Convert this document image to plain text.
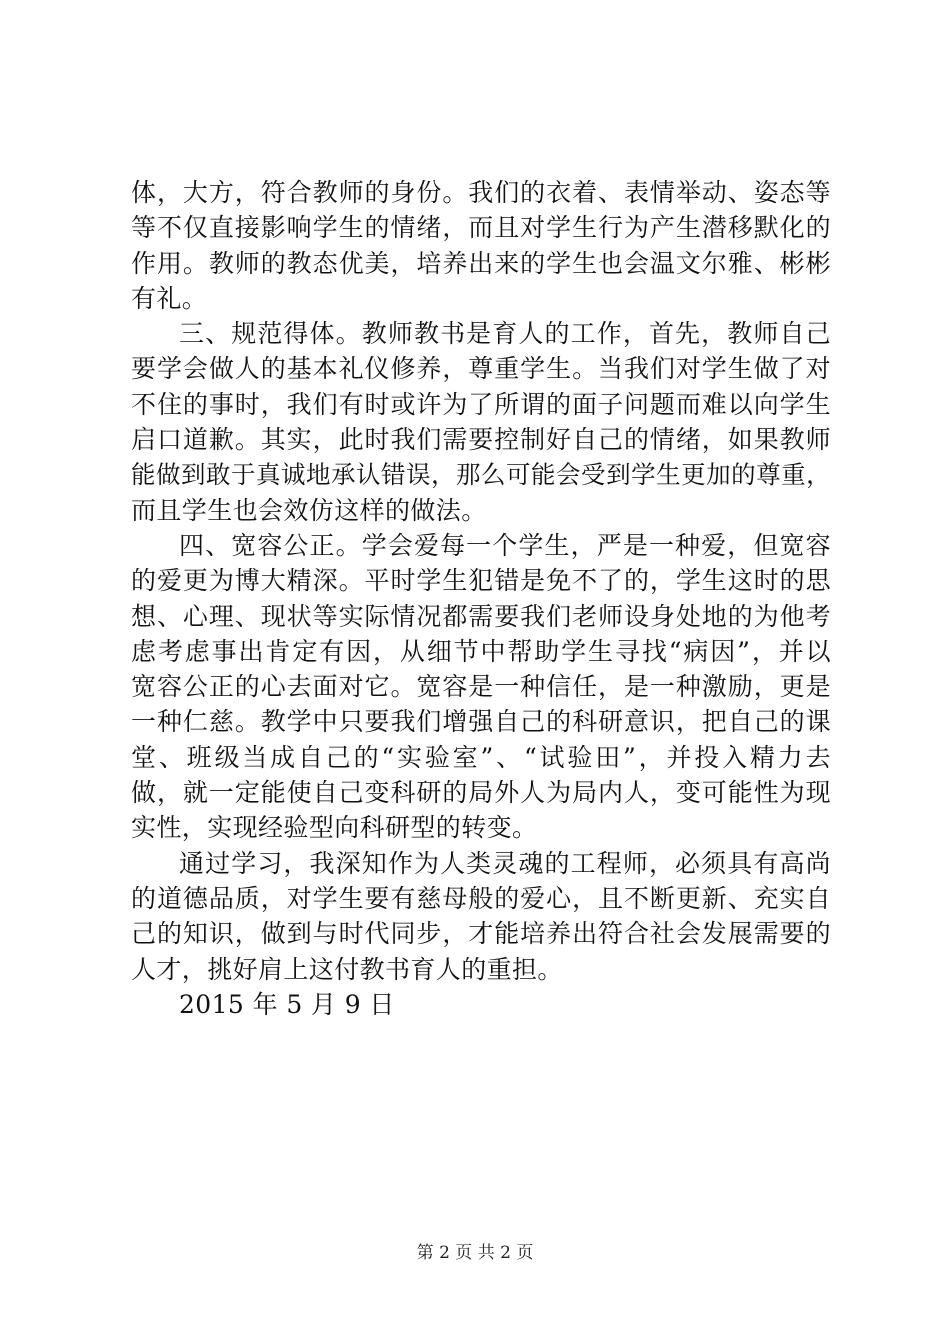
体，大方，符合教师的身份。我们的衣着、表情举动、姿态等
等不仅直接影响学生的情绪，而且对学生行为产生潜移默化的
作用。教师的教态优美，培养出来的学生也会温文尔雅、彬彬
有礼。
三、规范得体。教师教书是育人的工作，首先，教师自己
要学会做人的基本礼仪修养，尊重学生。当我们对学生做了对
不住的事时，我们有时或许为了所谓的面子问题而难以向学生
启口道歉。其实，此时我们需要控制好自己的情绪，如果教师
能做到敢于真诚地承认错误，那么可能会受到学生更加的尊重，
而且学生也会效仿这样的做法。
四、宽容公正。学会爱每一个学生，严是一种爱，但宽容
的爱更为博大精深。平时学生犯错是免不了的，学生这时的思
想、心理、现状等实际情况都需要我们老师设身处地的为他考
虑考虑事出肯定有因，从细节中帮助学生寻找“病因”，并以
宽容公正的心去面对它。宽容是一种信任，是一种激励，更是
一种仁慈。教学中只要我们增强自己的科研意识，把自己的课
堂、班级当成自己的“实验室”、“试验田”，并投入精力去
做，就一定能使自己变科研的局外人为局内人，变可能性为现
实性，实现经验型向科研型的转变。
通过学习，我深知作为人类灵魂的工程师，必须具有高尚
的道德品质，对学生要有慈母般的爱心，且不断更新、充实自
己的知识，做到与时代同步，才能培养出符合社会发展需要的
人才，挑好肩上这付教书育人的重担。
2015 年 5 月 9 日
第 2 页 共 2 页
